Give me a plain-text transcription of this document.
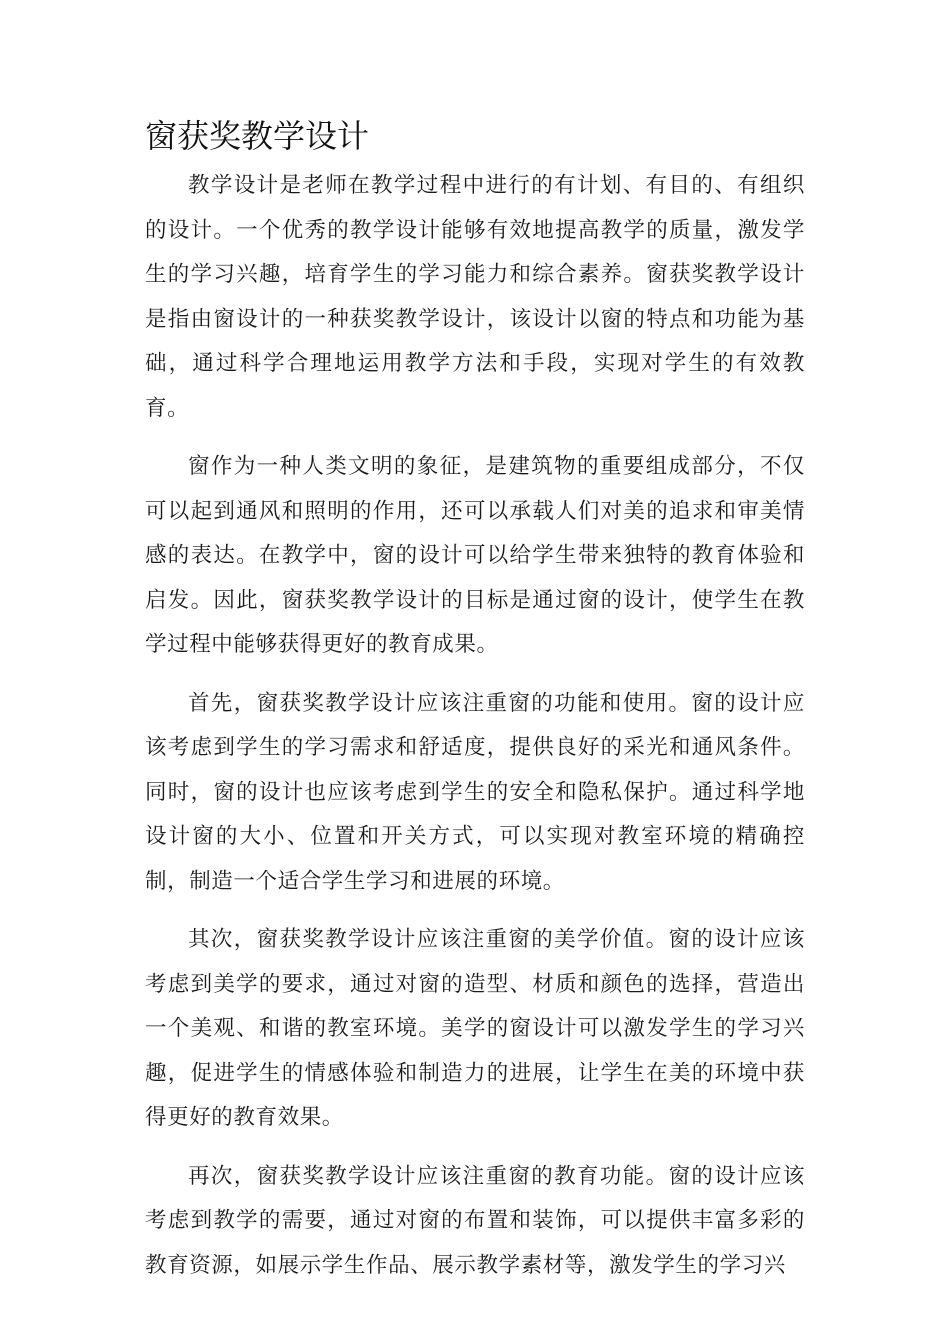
窗获奖教学设计

教学设计是老师在教学过程中进行的有计划、有目的、有组织的设计。一个优秀的教学设计能够有效地提高教学的质量，激发学生的学习兴趣，培育学生的学习能力和综合素养。窗获奖教学设计是指由窗设计的一种获奖教学设计，该设计以窗的特点和功能为基础，通过科学合理地运用教学方法和手段，实现对学生的有效教育。

窗作为一种人类文明的象征，是建筑物的重要组成部分，不仅可以起到通风和照明的作用，还可以承载人们对美的追求和审美情感的表达。在教学中，窗的设计可以给学生带来独特的教育体验和启发。因此，窗获奖教学设计的目标是通过窗的设计，使学生在教学过程中能够获得更好的教育成果。

首先，窗获奖教学设计应该注重窗的功能和使用。窗的设计应该考虑到学生的学习需求和舒适度，提供良好的采光和通风条件。同时，窗的设计也应该考虑到学生的安全和隐私保护。通过科学地设计窗的大小、位置和开关方式，可以实现对教室环境的精确控制，制造一个适合学生学习和进展的环境。

其次，窗获奖教学设计应该注重窗的美学价值。窗的设计应该考虑到美学的要求，通过对窗的造型、材质和颜色的选择，营造出一个美观、和谐的教室环境。美学的窗设计可以激发学生的学习兴趣，促进学生的情感体验和制造力的进展，让学生在美的环境中获得更好的教育效果。

再次，窗获奖教学设计应该注重窗的教育功能。窗的设计应该考虑到教学的需要，通过对窗的布置和装饰，可以提供丰富多彩的教育资源，如展示学生作品、展示教学素材等，激发学生的学习兴
